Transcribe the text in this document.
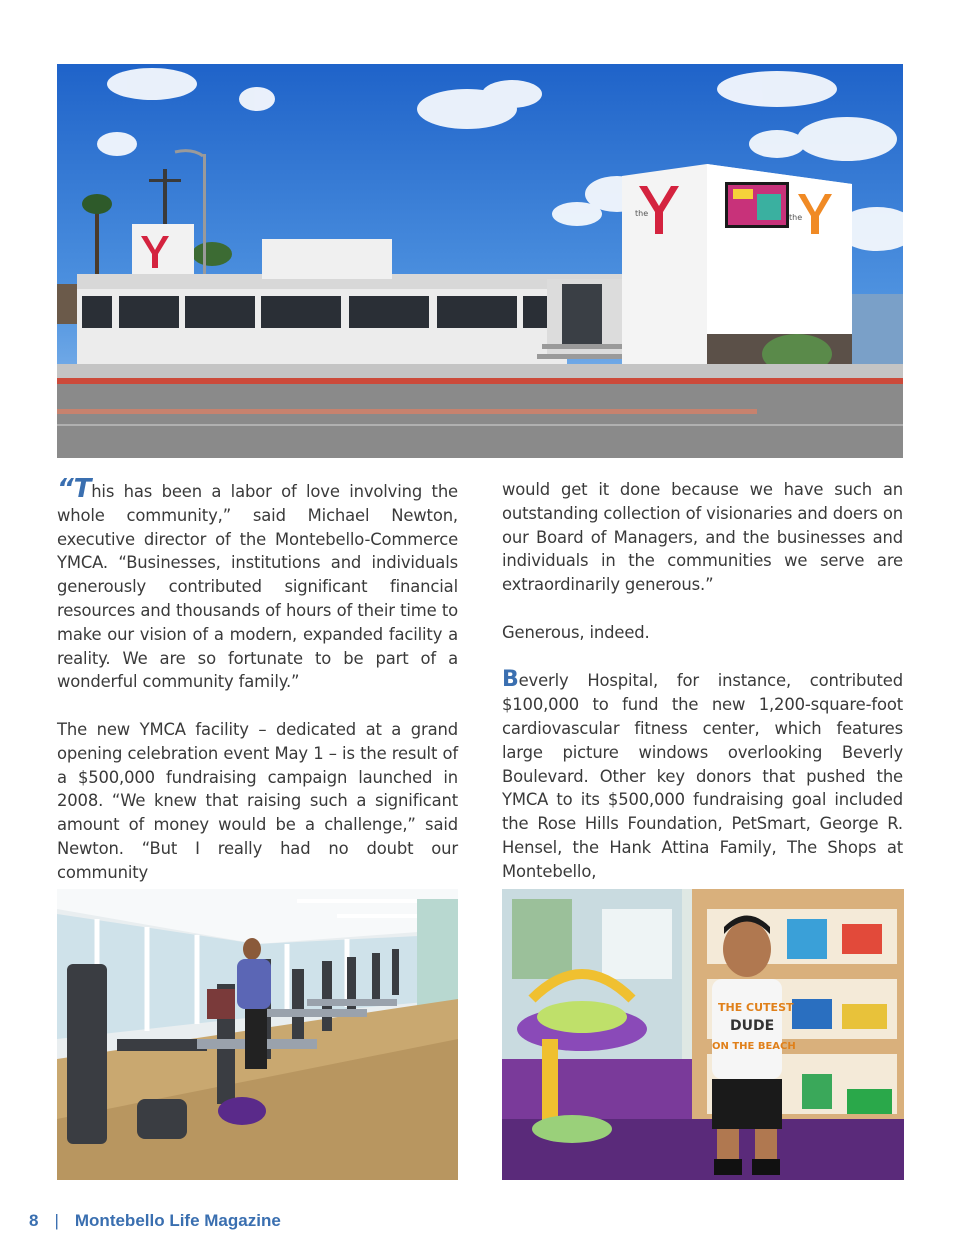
the	the

“This has been a labor of love involving the whole community,” said Michael Newton, executive director of the Montebello-Commerce YMCA. “Businesses, institutions and individuals generously contributed significant financial resources and thousands of hours of their time to make our vision of a modern, expanded facility a reality. We are so fortunate to be part of a wonderful community family.”

The new YMCA facility – dedicated at a grand opening celebration event May 1 – is the result of a $500,000 fundraising campaign launched in 2008. “We knew that raising such a significant amount of money would be a challenge,” said Newton. “But I really had no doubt our community

would get it done because we have such an outstanding collection of visionaries and doers on our Board of Managers, and the businesses and individuals in the communities we serve are extraordinarily generous.”

Generous, indeed.

Beverly Hospital, for instance, contributed $100,000 to fund the new 1,200-square-foot cardiovascular fitness center, which features large picture windows overlooking Beverly Boulevard. Other key donors that pushed the YMCA to its $500,000 fundraising goal included the Rose Hills Foundation, PetSmart, George R. Hensel, the Hank Attina Family, The Shops at Montebello,

THE CUTEST
DUDE
ON THE BEACH
8 | Montebello Life Magazine
